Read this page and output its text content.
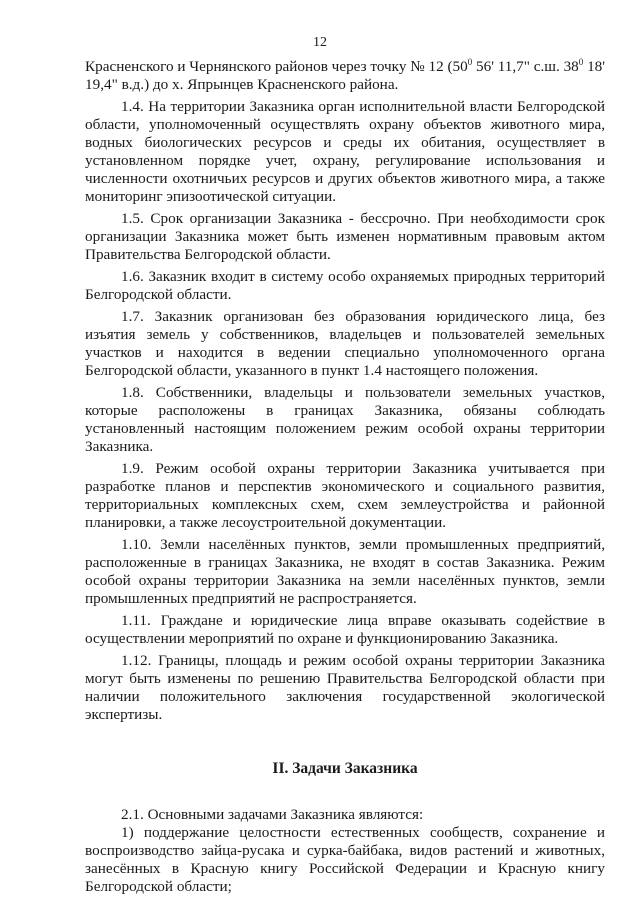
12

Красненского и Чернянского районов через точку № 12 ($50^0$ 56' 11,7" с.ш. $38^0$ 18' 19,4" в.д.) до х. Япрынцев Красненского района.

1.4. На территории Заказника орган исполнительной власти Белгородской области, уполномоченный осуществлять охрану объектов животного мира, водных биологических ресурсов и среды их обитания, осуществляет в установленном порядке учет, охрану, регулирование использования и численности охотничьих ресурсов и других объектов животного мира, а также мониторинг эпизоотической ситуации.

1.5. Срок организации Заказника - бессрочно. При необходимости срок организации Заказника может быть изменен нормативным правовым актом Правительства Белгородской области.

1.6. Заказник входит в систему особо охраняемых природных территорий Белгородской области.

1.7. Заказник организован без образования юридического лица, без изъятия земель у собственников, владельцев и пользователей земельных участков и находится в ведении специально уполномоченного органа Белгородской области, указанного в пункт 1.4 настоящего положения.

1.8. Собственники, владельцы и пользователи земельных участков, которые расположены в границах Заказника, обязаны соблюдать установленный настоящим положением режим особой охраны территории Заказника.

1.9. Режим особой охраны территории Заказника учитывается при разработке планов и перспектив экономического и социального развития, территориальных комплексных схем, схем землеустройства и районной планировки, а также лесоустроительной документации.

1.10. Земли населённых пунктов, земли промышленных предприятий, расположенные в границах Заказника, не входят в состав Заказника. Режим особой охраны территории Заказника на земли населённых пунктов, земли промышленных предприятий не распространяется.

1.11. Граждане и юридические лица вправе оказывать содействие в осуществлении мероприятий по охране и функционированию Заказника.

1.12. Границы, площадь и режим особой охраны территории Заказника могут быть изменены по решению Правительства Белгородской области при наличии положительного заключения государственной экологической экспертизы.

II. Задачи Заказника

2.1. Основными задачами Заказника являются:

1) поддержание целостности естественных сообществ, сохранение и воспроизводство зайца-русака и сурка-байбака, видов растений и животных, занесённых в Красную книгу Российской Федерации и Красную книгу Белгородской области;
